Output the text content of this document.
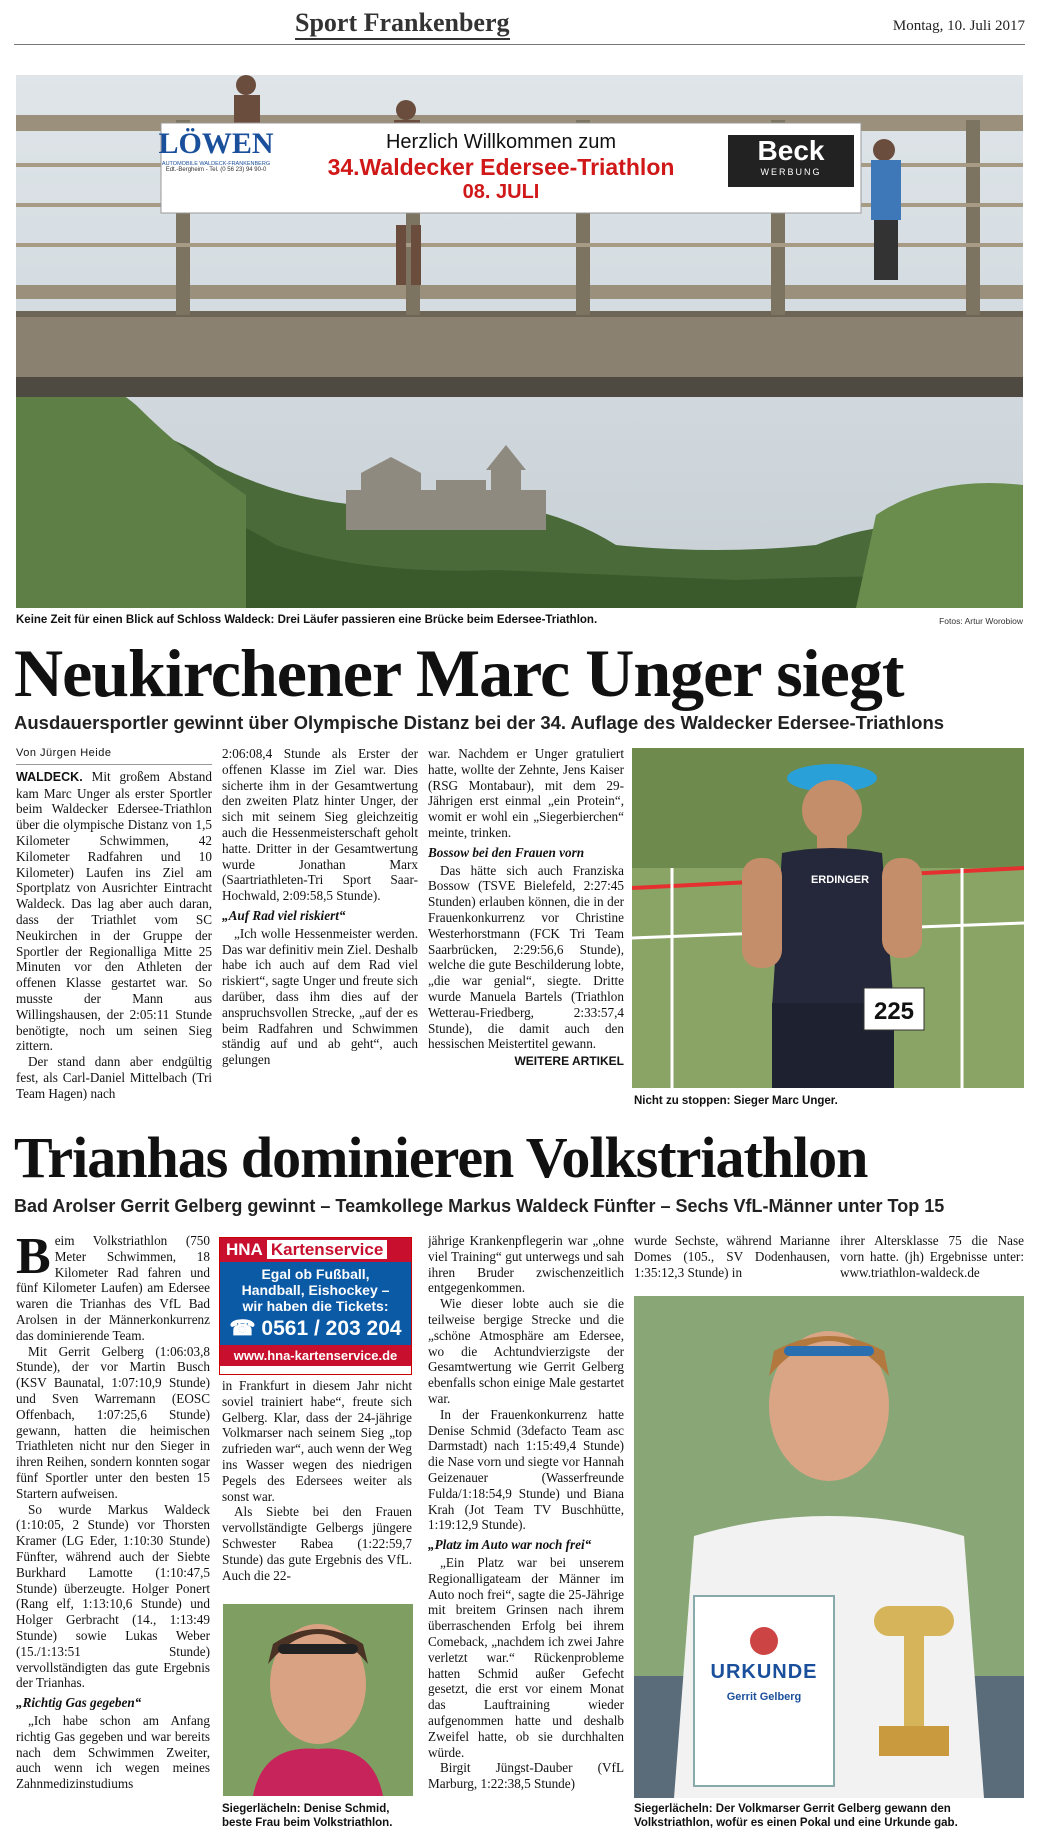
Sport Frankenberg	Montag, 10. Juli 2017
LÖWEN
AUTOMOBILE WALDECK-FRANKENBERG
Edt.-Bergheim - Tel. (0 56 23) 94 90-0
Herzlich Willkommen zum
34.Waldecker Edersee-Triathlon
08. JULI
Beck
WERBUNG
Keine Zeit für einen Blick auf Schloss Waldeck: Drei Läufer passieren eine Brücke beim Edersee-Triathlon.	Fotos: Artur Worobiow
Neukirchener Marc Unger siegt
Ausdauersportler gewinnt über Olympische Distanz bei der 34. Auflage des Waldecker Edersee-Triathlons
Von Jürgen Heide

WALDECK. Mit großem Abstand kam Marc Unger als erster Sportler beim Waldecker Edersee-Triathlon über die olympische Distanz von 1,5 Kilometer Schwimmen, 42 Kilometer Radfahren und 10 Kilometer) Laufen ins Ziel am Sportplatz von Ausrichter Eintracht Waldeck. Das lag aber auch daran, dass der Triathlet vom SC Neukirchen in der Gruppe der Sportler der Regionalliga Mitte 25 Minuten vor den Athleten der offenen Klasse gestartet war. So musste der Mann aus Willingshausen, der 2:05:11 Stunde benötigte, noch um seinen Sieg zittern.

Der stand dann aber endgültig fest, als Carl-Daniel Mittelbach (Tri Team Hagen) nach

2:06:08,4 Stunde als Erster der offenen Klasse im Ziel war. Dies sicherte ihm in der Gesamtwertung den zweiten Platz hinter Unger, der sich mit seinem Sieg gleichzeitig auch die Hessenmeisterschaft geholt hatte. Dritter in der Gesamtwertung wurde Jonathan Marx (Saartriathleten-Tri Sport Saar-Hochwald, 2:09:58,5 Stunde).

„Auf Rad viel riskiert“

„Ich wolle Hessenmeister werden. Das war definitiv mein Ziel. Deshalb habe ich auch auf dem Rad viel riskiert“, sagte Unger und freute sich darüber, dass ihm dies auf der anspruchsvollen Strecke, „auf der es beim Radfahren und Schwimmen ständig auf und ab geht“, auch gelungen

war. Nachdem er Unger gratuliert hatte, wollte der Zehnte, Jens Kaiser (RSG Montabaur), mit dem 29-Jährigen erst einmal „ein Protein“, womit er wohl ein „Siegerbierchen“ meinte, trinken.

Bossow bei den Frauen vorn

Das hätte sich auch Franziska Bossow (TSVE Bielefeld, 2:27:45 Stunden) erlauben können, die in der Frauenkonkurrenz vor Christine Westerhorstmann (FCK Tri Team Saarbrücken, 2:29:56,6 Stunde), welche die gute Beschilderung lobte, „die war genial“, siegte. Dritte wurde Manuela Bartels (Triathlon Wetterau-Friedberg, 2:33:57,4 Stunde), die damit auch den hessischen Meistertitel gewann.

WEITERE ARTIKEL
ERDINGER
225
Nicht zu stoppen: Sieger Marc Unger.
Trianhas dominieren Volkstriathlon
Bad Arolser Gerrit Gelberg gewinnt – Teamkollege Markus Waldeck Fünfter – Sechs VfL-Männer unter Top 15

Beim Volkstriathlon (750 Meter Schwimmen, 18 Kilometer Rad fahren und fünf Kilometer Laufen) am Edersee waren die Trianhas des VfL Bad Arolsen in der Männerkonkurrenz das dominierende Team.

Mit Gerrit Gelberg (1:06:03,8 Stunde), der vor Martin Busch (KSV Baunatal, 1:07:10,9 Stunde) und Sven Warremann (EOSC Offenbach, 1:07:25,6 Stunde) gewann, hatten die heimischen Triathleten nicht nur den Sieger in ihren Reihen, sondern konnten sogar fünf Sportler unter den besten 15 Startern aufweisen.

So wurde Markus Waldeck (1:10:05, 2 Stunde) vor Thorsten Kramer (LG Eder, 1:10:30 Stunde) Fünfter, während auch der Siebte Burkhard Lamotte (1:10:47,5 Stunde) überzeugte. Holger Ponert (Rang elf, 1:13:10,6 Stunde) und Holger Gerbracht (14., 1:13:49 Stunde) sowie Lukas Weber (15./1:13:51 Stunde) vervollständigten das gute Ergebnis der Trianhas.

„Richtig Gas gegeben“

„Ich habe schon am Anfang richtig Gas gegeben und war bereits nach dem Schwimmen Zweiter, auch wenn ich wegen meines Zahnmedizinstudiums

HNA Kartenservice
Egal ob Fußball,
Handball, Eishockey –
wir haben die Tickets:
☎ 0561 / 203 204
www.hna-kartenservice.de

in Frankfurt in diesem Jahr nicht soviel trainiert habe“, freute sich Gelberg. Klar, dass der 24-jährige Volkmarser nach seinem Sieg „top zufrieden war“, auch wenn der Weg ins Wasser wegen des niedrigen Pegels des Edersees weiter als sonst war.

Als Siebte bei den Frauen vervollständigte Gelbergs jüngere Schwester Rabea (1:22:59,7 Stunde) das gute Ergebnis des VfL. Auch die 22-

Siegerlächeln: Denise Schmid, beste Frau beim Volkstriathlon.

jährige Krankenpflegerin war „ohne viel Training“ gut unterwegs und sah ihren Bruder zwischenzeitlich entgegenkommen.

Wie dieser lobte auch sie die teilweise bergige Strecke und die „schöne Atmosphäre am Edersee, wo die Achtundvierzigste der Gesamtwertung wie Gerrit Gelberg ebenfalls schon einige Male gestartet war.

In der Frauenkonkurrenz hatte Denise Schmid (3defacto Team asc Darmstadt) nach 1:15:49,4 Stunde) die Nase vorn und siegte vor Hannah Geizenauer (Wasserfreunde Fulda/1:18:54,9 Stunde) und Biana Krah (Jot Team TV Buschhütte, 1:19:12,9 Stunde).

„Platz im Auto war noch frei“

„Ein Platz war bei unserem Regionalligateam der Männer im Auto noch frei“, sagte die 25-Jährige mit breitem Grinsen nach ihrem überraschenden Erfolg bei ihrem Comeback, „nachdem ich zwei Jahre verletzt war.“ Rückenprobleme hatten Schmid außer Gefecht gesetzt, die erst vor einem Monat das Lauftraining wieder aufgenommen hatte und deshalb Zweifel hatte, ob sie durchhalten würde.

Birgit Jüngst-Dauber (VfL Marburg, 1:22:38,5 Stunde)

wurde Sechste, während Marianne Domes (105., SV Dodenhausen, 1:35:12,3 Stunde) in

ihrer Altersklasse 75 die Nase vorn hatte. (jh) Ergebnisse unter: www.triathlon-waldeck.de

URKUNDE
Gerrit Gelberg
Siegerlächeln: Der Volkmarser Gerrit Gelberg gewann den Volkstriathlon, wofür es einen Pokal und eine Urkunde gab.
